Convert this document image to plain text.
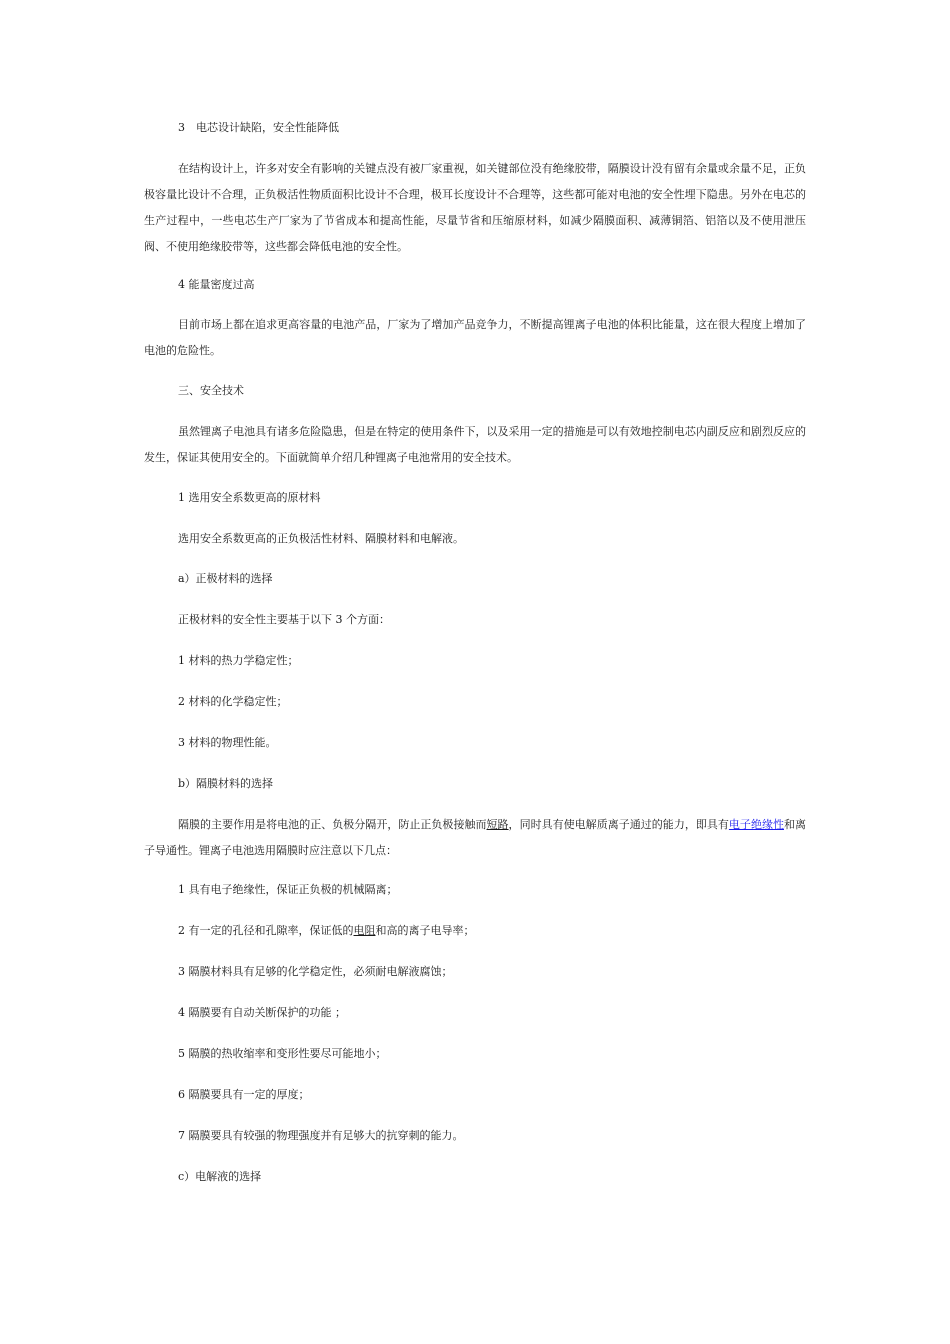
3　电芯设计缺陷，安全性能降低

在结构设计上，许多对安全有影响的关键点没有被厂家重视，如关键部位没有绝缘胶带，隔膜设计没有留有余量或余量不足，正负极容量比设计不合理，正负极活性物质面积比设计不合理，极耳长度设计不合理等，这些都可能对电池的安全性埋下隐患。另外在电芯的生产过程中，一些电芯生产厂家为了节省成本和提高性能，尽量节省和压缩原材料，如减少隔膜面积、减薄铜箔、铝箔以及不使用泄压阀、不使用绝缘胶带等，这些都会降低电池的安全性。

4 能量密度过高

目前市场上都在追求更高容量的电池产品，厂家为了增加产品竞争力，不断提高锂离子电池的体积比能量，这在很大程度上增加了电池的危险性。

三、安全技术

虽然锂离子电池具有诸多危险隐患，但是在特定的使用条件下，以及采用一定的措施是可以有效地控制电芯内副反应和剧烈反应的发生，保证其使用安全的。下面就简单介绍几种锂离子电池常用的安全技术。

1 选用安全系数更高的原材料

选用安全系数更高的正负极活性材料、隔膜材料和电解液。

a）正极材料的选择

正极材料的安全性主要基于以下 3 个方面：

1 材料的热力学稳定性；

2 材料的化学稳定性；

3 材料的物理性能。

b）隔膜材料的选择

隔膜的主要作用是将电池的正、负极分隔开，防止正负极接触而短路，同时具有使电解质离子通过的能力，即具有电子绝缘性和离子导通性。锂离子电池选用隔膜时应注意以下几点：

1 具有电子绝缘性，保证正负极的机械隔离；

2 有一定的孔径和孔隙率，保证低的电阻和高的离子电导率；

3 隔膜材料具有足够的化学稳定性，必须耐电解液腐蚀；

4 隔膜要有自动关断保护的功能 ；

5 隔膜的热收缩率和变形性要尽可能地小；

6 隔膜要具有一定的厚度；

7 隔膜要具有较强的物理强度并有足够大的抗穿刺的能力。

c）电解液的选择
